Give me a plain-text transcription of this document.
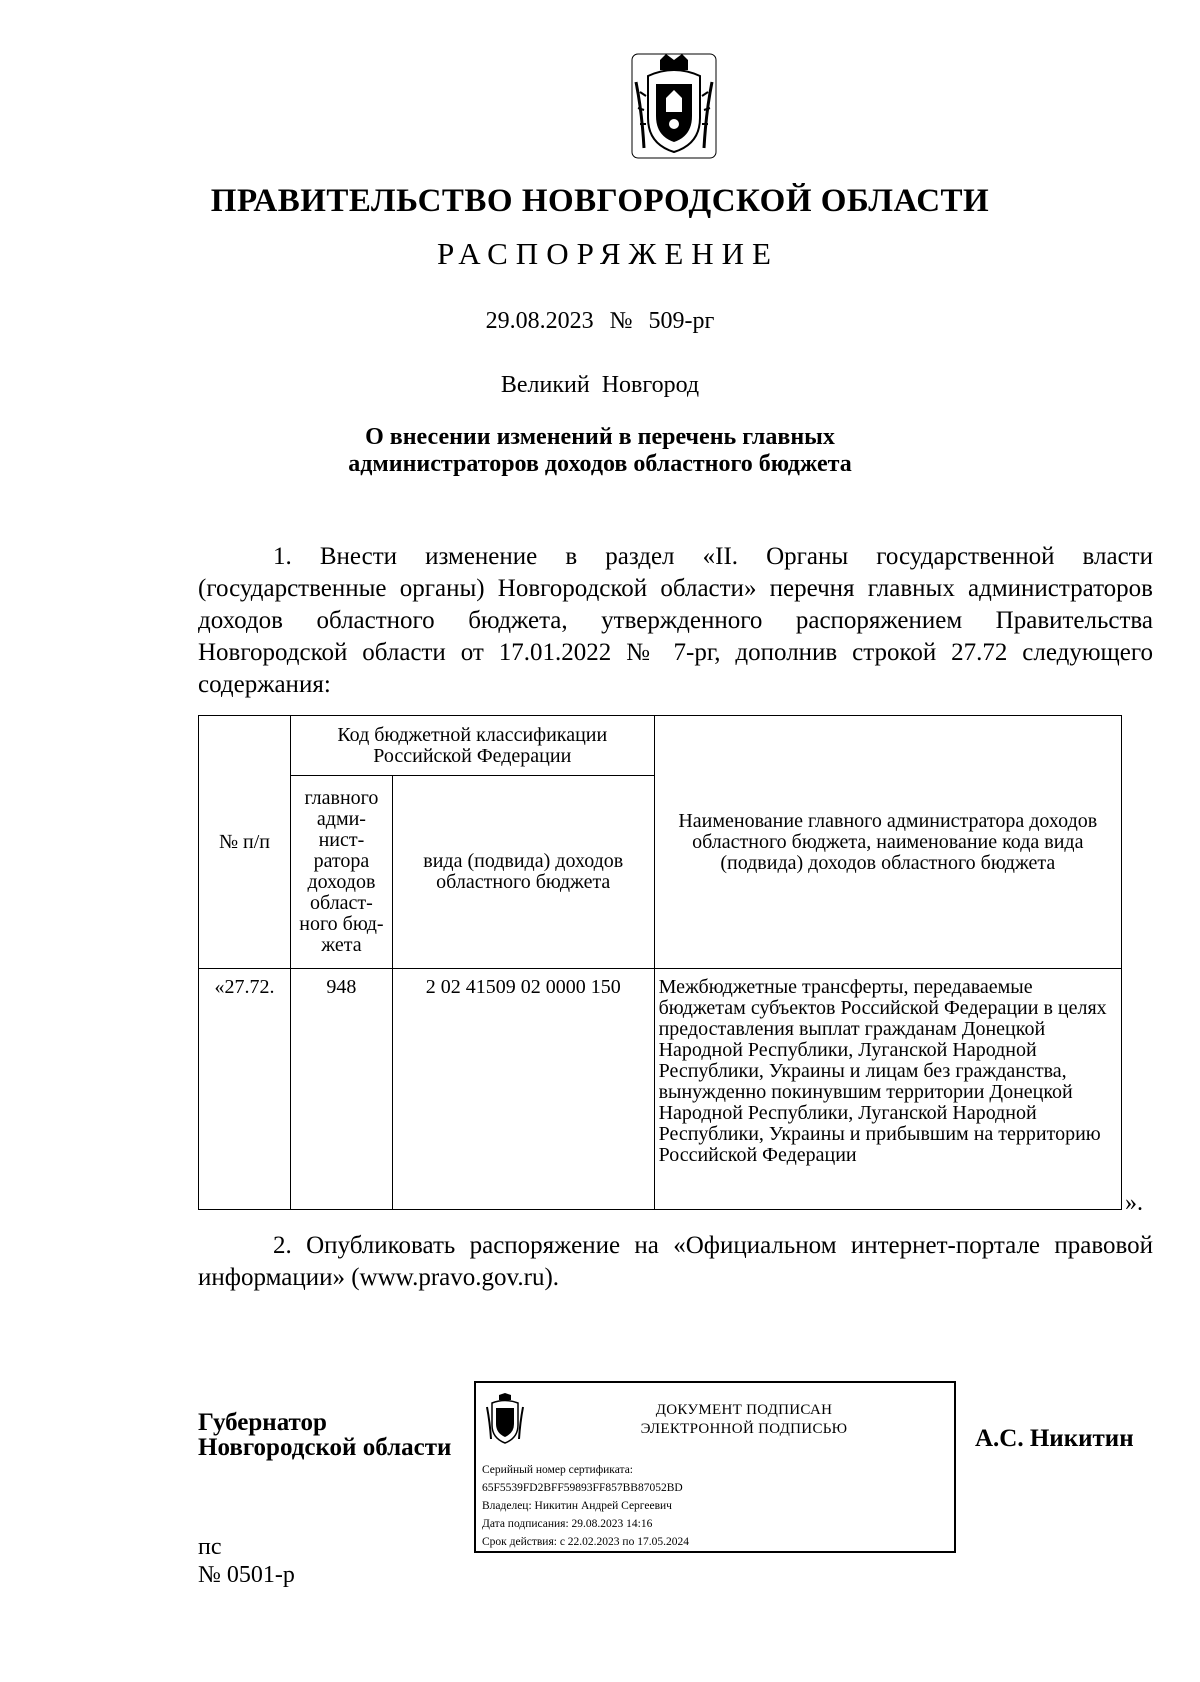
ПРАВИТЕЛЬСТВО НОВГОРОДСКОЙ ОБЛАСТИ
РАСПОРЯЖЕНИЕ
29.08.2023 № 509-рг
Великий Новгород
О внесении изменений в перечень главных
администраторов доходов областного бюджета
1. Внести изменение в раздел «II. Органы государственной власти (государственные органы) Новгородской области» перечня главных администраторов доходов областного бюджета, утвержденного распоряжением Правительства Новгородской области от 17.01.2022 № 7-рг, дополнив строкой 27.72 следующего содержания:
№ п/п	Код бюджетной классификации Российской Федерации		Наименование главного администратора доходов областного бюджета, наименование кода вида (подвида) доходов областного бюджета
	главного адми-нист-ратора доходов област-ного бюд-жета	вида (подвида) доходов областного бюджета	
«27.72.	948	2 02 41509 02 0000 150	Межбюджетные трансферты, передаваемые бюджетам субъектов Российской Федерации в целях предоставления выплат гражданам Донецкой Народной Республики, Луганской Народной Республики, Украины и лицам без гражданства, вынужденно покинувшим территории Донецкой Народной Республики, Луганской Народной Республики, Украины и прибывшим на территорию Российской Федерации
».
2. Опубликовать распоряжение на «Официальном интернет-портале правовой информации» (www.pravo.gov.ru).
Губернатор
Новгородской области
ДОКУМЕНТ ПОДПИСАН
ЭЛЕКТРОННОЙ ПОДПИСЬЮ
Серийный номер сертификата:
65F5539FD2BFF59893FF857BB87052BD
Владелец: Никитин Андрей Сергеевич
Дата подписания: 29.08.2023 14:16
Срок действия: с 22.02.2023 по 17.05.2024
А.С. Никитин
пс
№ 0501-р
